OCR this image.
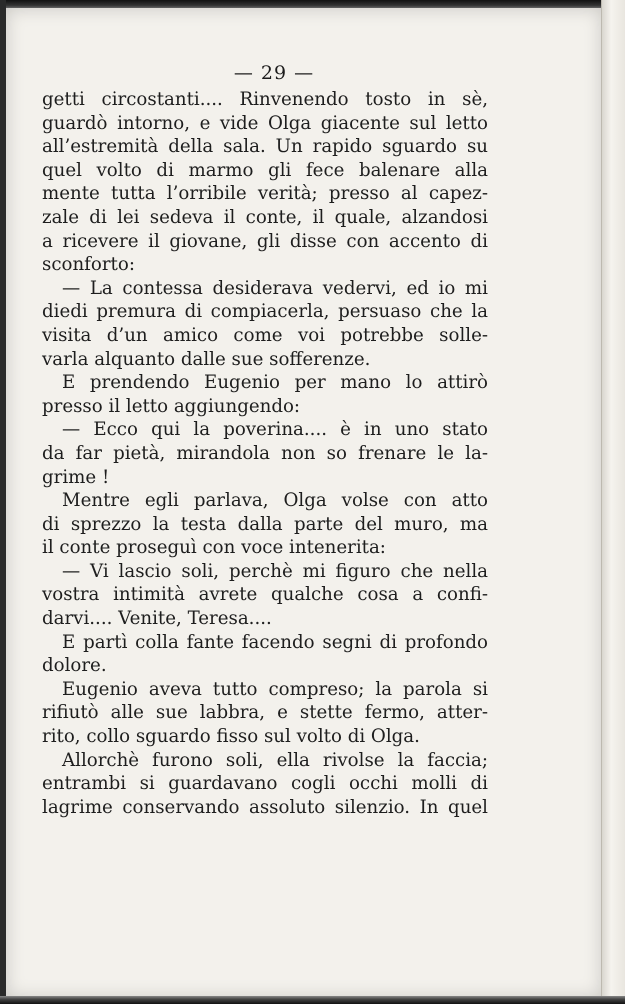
— 29 —
getti circostanti.... Rinvenendo tosto in sè,
guardò intorno, e vide Olga giacente sul letto
all’estremità della sala. Un rapido sguardo su
quel volto di marmo gli fece balenare alla
mente tutta l’orribile verità; presso al capez-
zale di lei sedeva il conte, il quale, alzandosi
a ricevere il giovane, gli disse con accento di
sconforto:
— La contessa desiderava vedervi, ed io mi
diedi premura di compiacerla, persuaso che la
visita d’un amico come voi potrebbe solle-
varla alquanto dalle sue sofferenze.
E prendendo Eugenio per mano lo attirò
presso il letto aggiungendo:
— Ecco qui la poverina.... è in uno stato
da far pietà, mirandola non so frenare le la-
grime !
Mentre egli parlava, Olga volse con atto
di sprezzo la testa dalla parte del muro, ma
il conte proseguì con voce intenerita:
— Vi lascio soli, perchè mi figuro che nella
vostra intimità avrete qualche cosa a confi-
darvi.... Venite, Teresa....
E partì colla fante facendo segni di profondo
dolore.
Eugenio aveva tutto compreso; la parola si
rifiutò alle sue labbra, e stette fermo, atter-
rito, collo sguardo fisso sul volto di Olga.
Allorchè furono soli, ella rivolse la faccia;
entrambi si guardavano cogli occhi molli di
lagrime conservando assoluto silenzio. In quel
